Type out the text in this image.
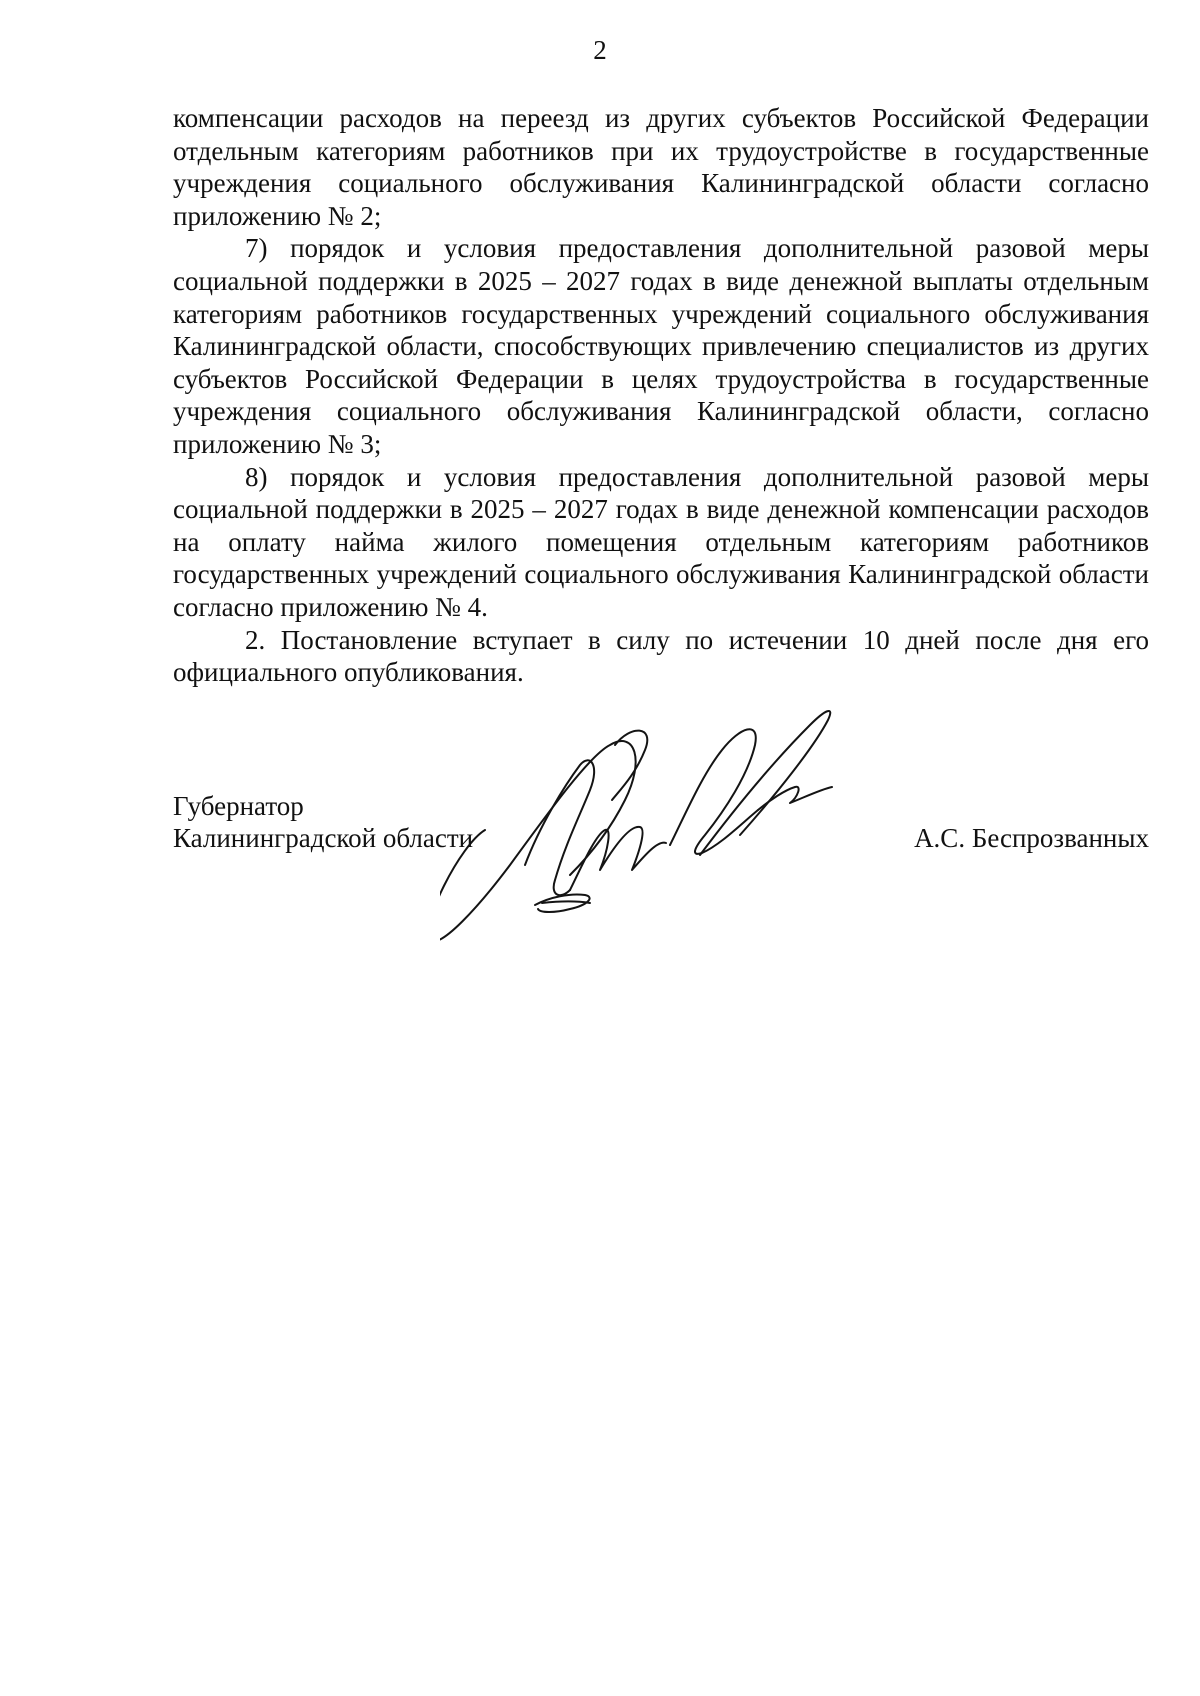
2

компенсации расходов на переезд из других субъектов Российской Федерации отдельным категориям работников при их трудоустройстве в государственные учреждения социального обслуживания Калининградской области согласно приложению № 2;

7) порядок и условия предоставления дополнительной разовой меры социальной поддержки в 2025 – 2027 годах в виде денежной выплаты отдельным категориям работников государственных учреждений социального обслуживания Калининградской области, способствующих привлечению специалистов из других субъектов Российской Федерации в целях трудоустройства в государственные учреждения социального обслуживания Калининградской области, согласно приложению № 3;

8) порядок и условия предоставления дополнительной разовой меры социальной поддержки в 2025 – 2027 годах в виде денежной компенсации расходов на оплату найма жилого помещения отдельным категориям работников государственных учреждений социального обслуживания Калининградской области согласно приложению № 4.

2. Постановление вступает в силу по истечении 10 дней после дня его официального опубликования.

Губернатор
Калининградской области	А.С. Беспрозванных
